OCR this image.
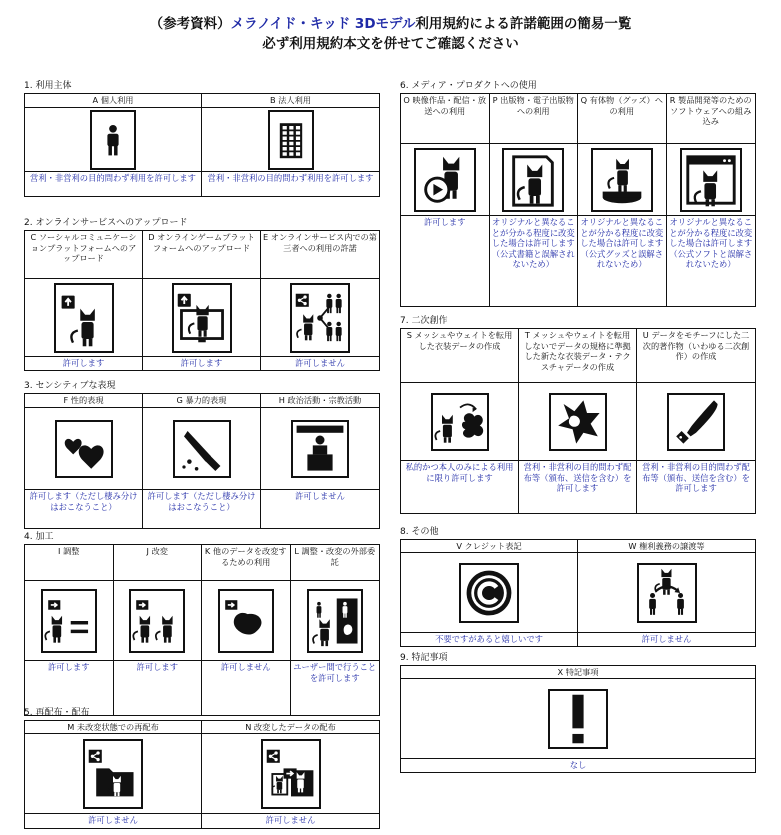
（参考資料）メラノイド・キッド 3Dモデル利用規約による許諾範囲の簡易一覧
必ず利用規約本文を併せてご確認ください
1. 利用主体
A 個人利用
営利・非営利の目的問わず利用を許可します
B 法人利用
営利・非営利の目的問わず利用を許可します
2. オンラインサービスへのアップロード
C ソーシャルコミュニケーションプラットフォームへのアップロード
許可します
D オンラインゲームプラットフォームへのアップロード
許可します
E オンラインサービス内での第三者への利用の許諾
許可しません
3. センシティブな表現
F 性的表現
許可します（ただし棲み分けはおこなうこと）
G 暴力的表現
許可します（ただし棲み分けはおこなうこと）
H 政治活動・宗教活動
許可しません
4. 加工
I 調整
許可します
J 改変
許可します
K 他のデータを改変するための利用
許可しません
L 調整・改変の外部委託
ユーザー間で行うことを許可します
5. 再配布・配布
M 未改変状態での再配布
許可しません
N 改変したデータの配布
許可しません
6. メディア・プロダクトへの使用
O 映像作品・配信・放送への利用
許可します
P 出版物・電子出版物への利用
オリジナルと異なることが分かる程度に改変した場合は許可します（公式書籍と誤解されないため）
Q 有体物（グッズ）への利用
オリジナルと異なることが分かる程度に改変した場合は許可します（公式グッズと誤解されないため）
R 製品開発等のためのソフトウェアへの組み込み
オリジナルと異なることが分かる程度に改変した場合は許可します（公式ソフトと誤解されないため）
7. 二次創作
S メッシュやウェイトを転用した衣装データの作成
私的かつ本人のみによる利用に限り許可します
T メッシュやウェイトを転用しないでデータの規格に準拠した新たな衣装データ・テクスチャデータの作成
営利・非営利の目的問わず配布等（頒布、送信を含む）を許可します
U データをモチーフにした二次的著作物（いわゆる二次創作）の作成
営利・非営利の目的問わず配布等（頒布、送信を含む）を許可します
8. その他
V クレジット表記
不要ですがあると嬉しいです
W 権利義務の譲渡等
許可しません
9. 特記事項
X 特記事項
なし
